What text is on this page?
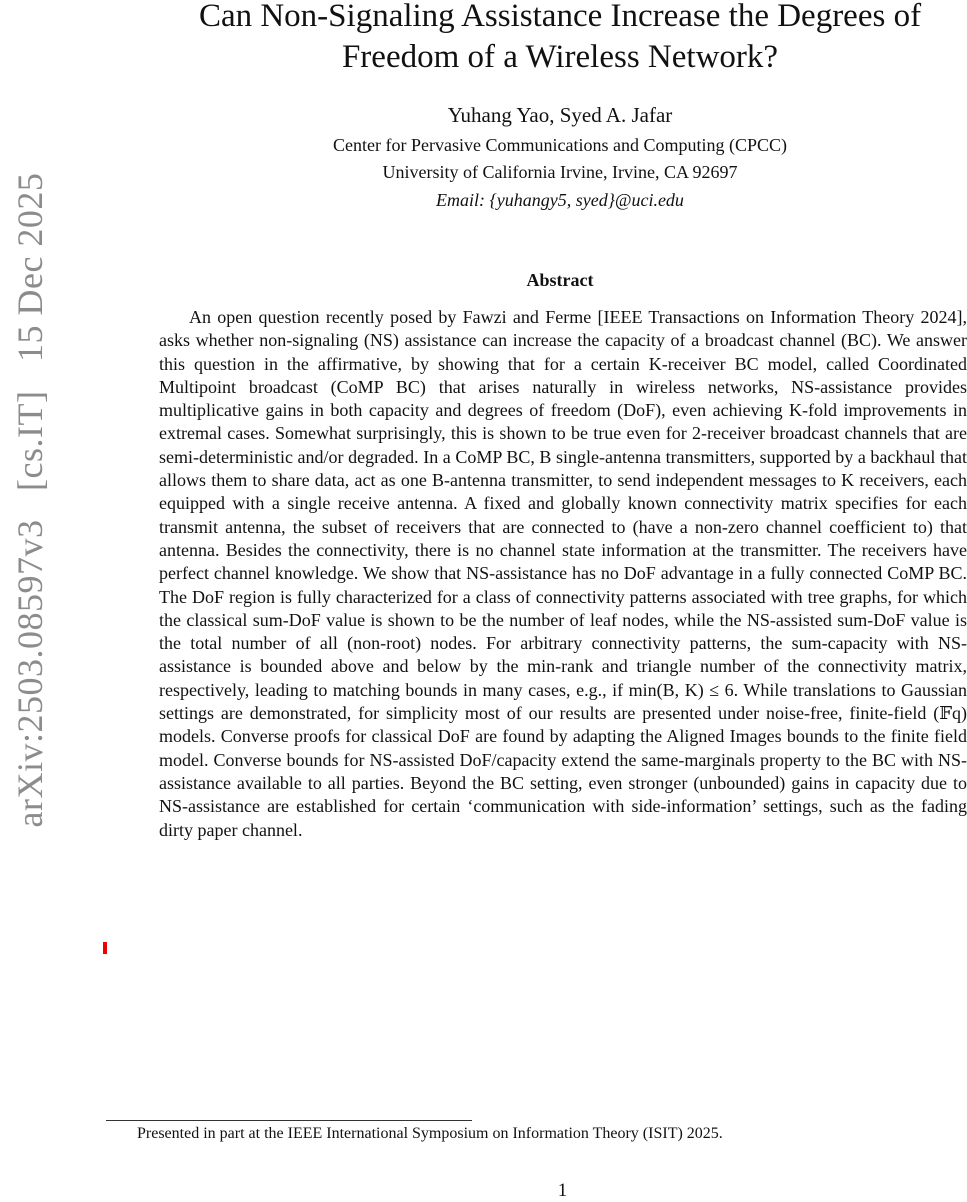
arXiv:2503.08597v3   [cs.IT]   15 Dec 2025
Can Non-Signaling Assistance Increase the Degrees of Freedom of a Wireless Network?
Yuhang Yao, Syed A. Jafar
Center for Pervasive Communications and Computing (CPCC)
University of California Irvine, Irvine, CA 92697
Email: {yuhangy5, syed}@uci.edu
Abstract
An open question recently posed by Fawzi and Ferme [IEEE Transactions on Information Theory 2024], asks whether non-signaling (NS) assistance can increase the capacity of a broadcast channel (BC). We answer this question in the affirmative, by showing that for a certain K-receiver BC model, called Coordinated Multipoint broadcast (CoMP BC) that arises naturally in wireless networks, NS-assistance provides multiplicative gains in both capacity and degrees of freedom (DoF), even achieving K-fold improvements in extremal cases. Somewhat surprisingly, this is shown to be true even for 2-receiver broadcast channels that are semi-deterministic and/or degraded. In a CoMP BC, B single-antenna transmitters, supported by a backhaul that allows them to share data, act as one B-antenna transmitter, to send independent messages to K receivers, each equipped with a single receive antenna. A fixed and globally known connectivity matrix specifies for each transmit antenna, the subset of receivers that are connected to (have a non-zero channel coefficient to) that antenna. Besides the connectivity, there is no channel state information at the transmitter. The receivers have perfect channel knowledge. We show that NS-assistance has no DoF advantage in a fully connected CoMP BC. The DoF region is fully characterized for a class of connectivity patterns associated with tree graphs, for which the classical sum-DoF value is shown to be the number of leaf nodes, while the NS-assisted sum-DoF value is the total number of all (non-root) nodes. For arbitrary connectivity patterns, the sum-capacity with NS-assistance is bounded above and below by the min-rank and triangle number of the connectivity matrix, respectively, leading to matching bounds in many cases, e.g., if min(B, K) ≤ 6. While translations to Gaussian settings are demonstrated, for simplicity most of our results are presented under noise-free, finite-field (𝔽q) models. Converse proofs for classical DoF are found by adapting the Aligned Images bounds to the finite field model. Converse bounds for NS-assisted DoF/capacity extend the same-marginals property to the BC with NS-assistance available to all parties. Beyond the BC setting, even stronger (unbounded) gains in capacity due to NS-assistance are established for certain ‘communication with side-information’ settings, such as the fading dirty paper channel.
Presented in part at the IEEE International Symposium on Information Theory (ISIT) 2025.
1
